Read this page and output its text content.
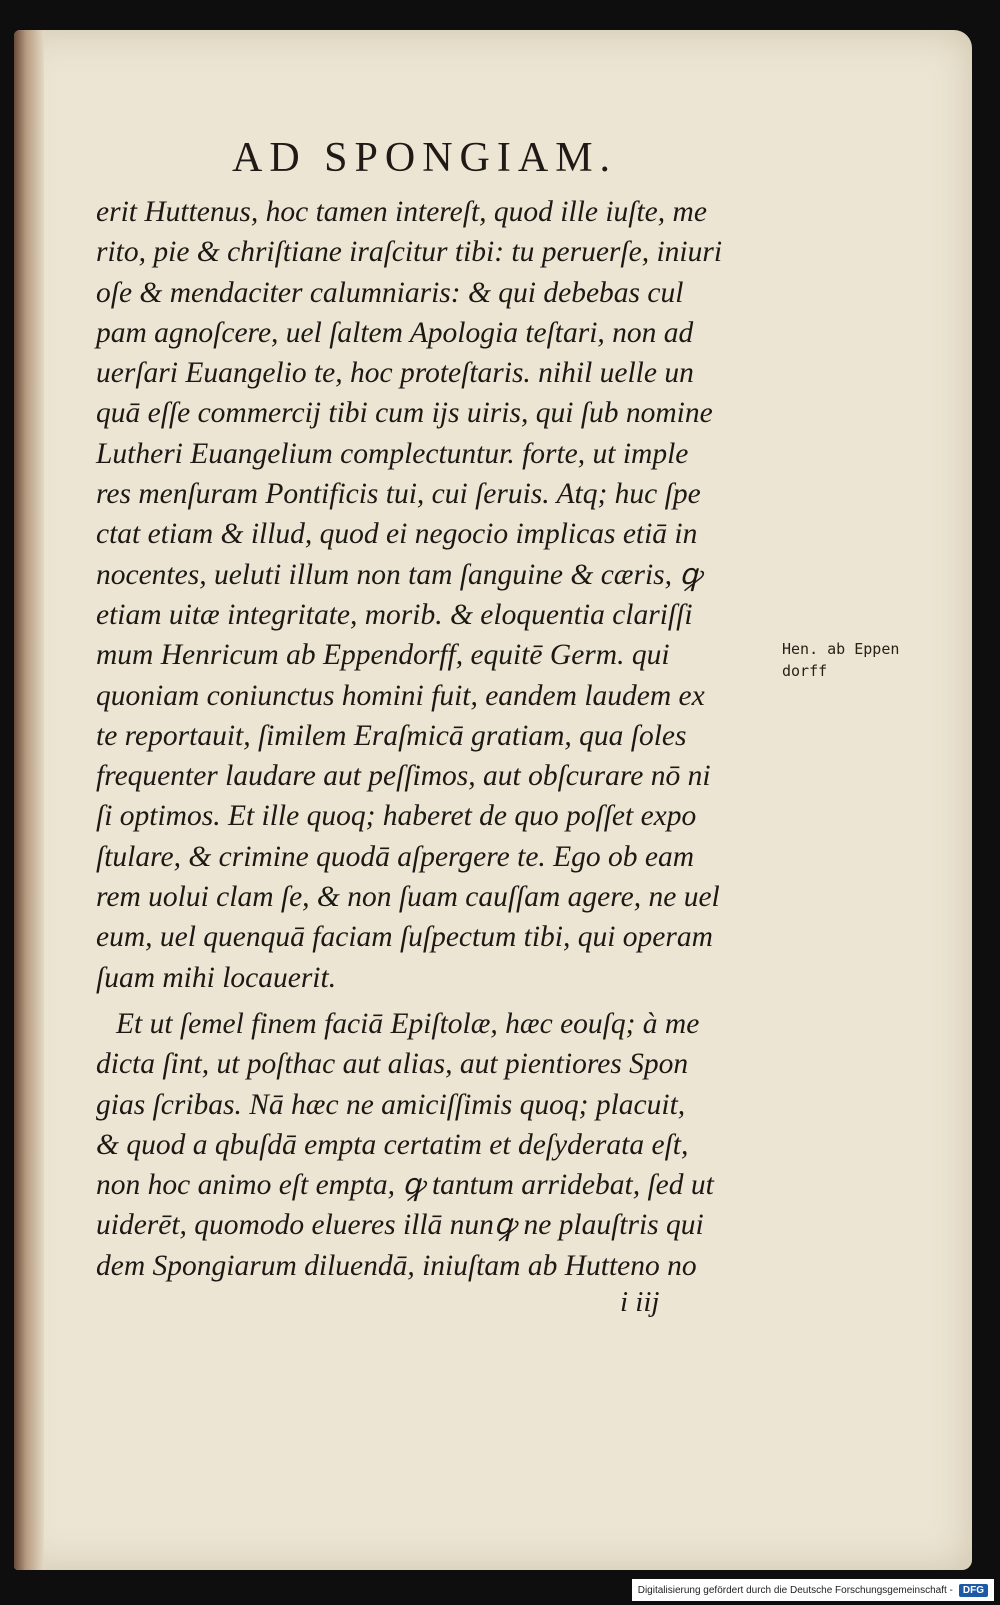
AD SPONGIAM.
erit Huttenus, hoc tamen intereſt, quod ille iuſte, me
rito, pie & chriſtiane iraſcitur tibi: tu peruerſe, iniuri
oſe & mendaciter calumniaris: & qui debebas cul
pam agnoſcere, uel ſaltem Apologia teſtari, non ad
uerſari Euangelio te, hoc proteſtaris. nihil uelle un
quā eſſe commercij tibi cum ijs uiris, qui ſub nomine
Lutheri Euangelium complectuntur. forte, ut imple
res menſuram Pontificis tui, cui ſeruis. Atq; huc ſpe
ctat etiam & illud, quod ei negocio implicas etiā in
nocentes, ueluti illum non tam ſanguine & cæris, ꝙ
etiam uitæ integritate, morib. & eloquentia clariſſi
mum Henricum ab Eppendorff, equitē Germ. qui
quoniam coniunctus homini fuit, eandem laudem ex
te reportauit, ſimilem Eraſmicā gratiam, qua ſoles
frequenter laudare aut peſſimos, aut obſcurare nō ni
ſi optimos. Et ille quoq; haberet de quo poſſet expo
ſtulare, & crimine quodā aſpergere te. Ego ob eam
rem uolui clam ſe, & non ſuam cauſſam agere, ne uel
eum, uel quenquā faciam ſuſpectum tibi, qui operam
ſuam mihi locauerit.
Et ut ſemel finem faciā Epiſtolæ, hæc eouſq; à me
dicta ſint, ut poſthac aut alias, aut pientiores Spon
gias ſcribas. Nā hæc ne amiciſſimis quoq; placuit,
& quod a qbuſdā empta certatim et deſyderata eſt,
non hoc animo eſt empta, ꝙ tantum arridebat, ſed ut
uiderēt, quomodo elueres illā nunꝙ ne plauſtris qui
dem Spongiarum diluendā, iniuſtam ab Hutteno no
Hen. ab Eppen
dorff
i iij
Digitalisierung gefördert durch die Deutsche Forschungsgemeinschaft -	DFG
